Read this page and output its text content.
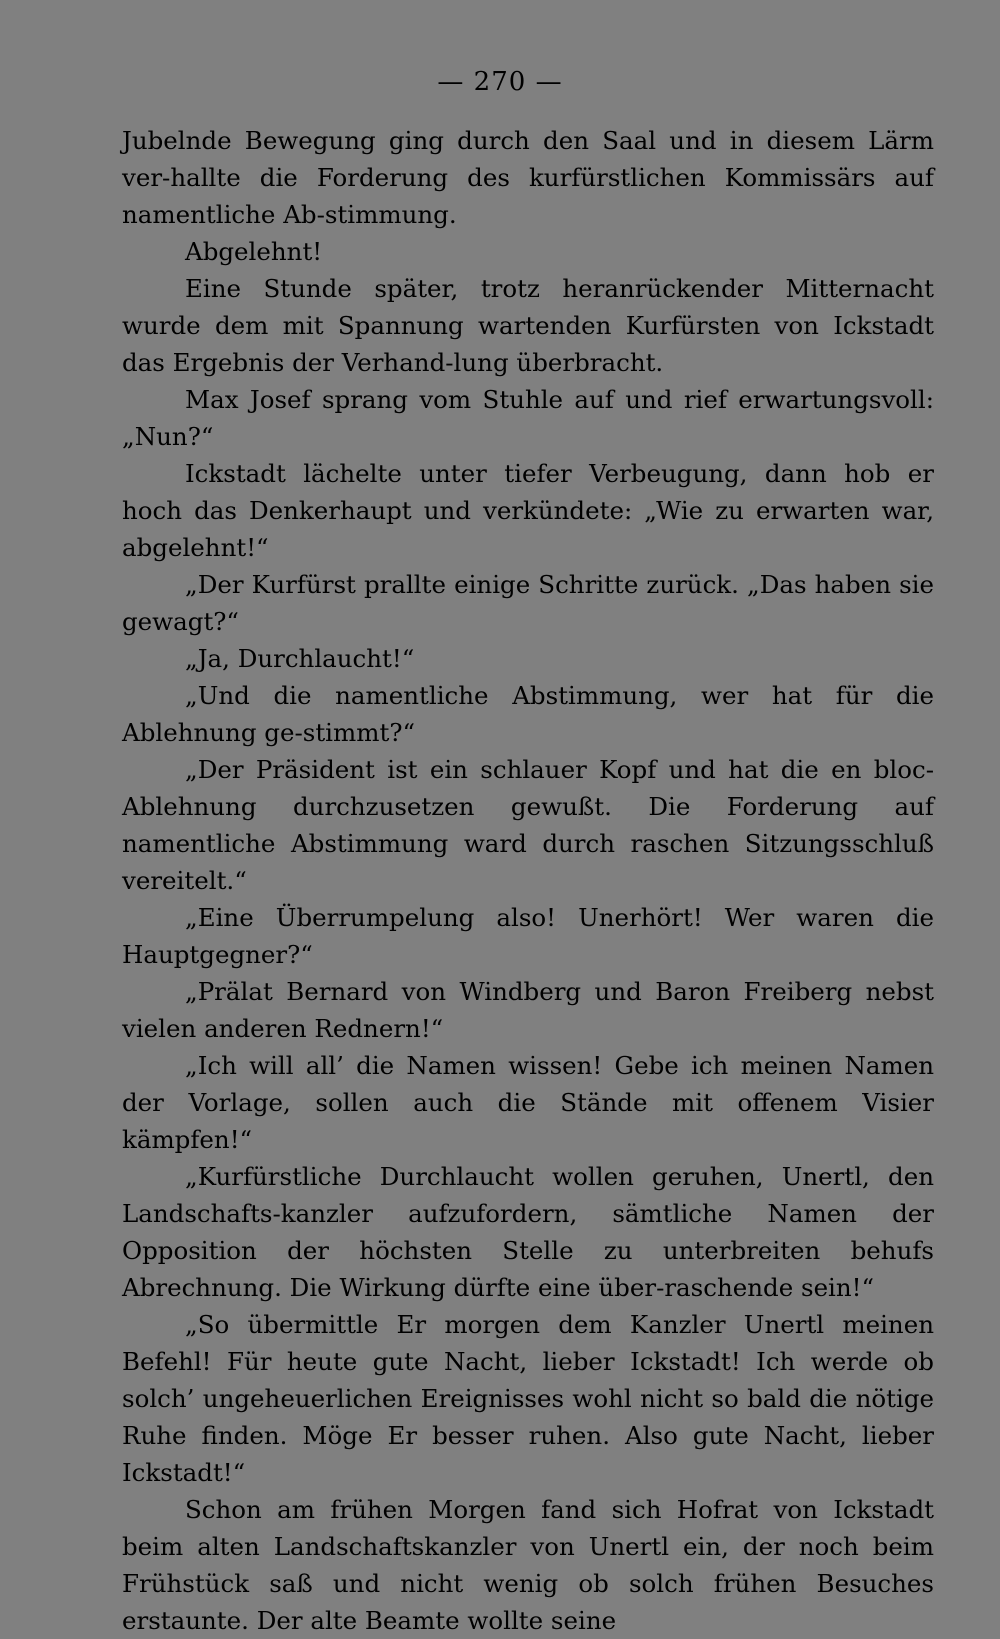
— 270 —

Jubelnde Bewegung ging durch den Saal und in diesem Lärm ver-hallte die Forderung des kurfürstlichen Kommissärs auf namentliche Ab-stimmung.

Abgelehnt!

Eine Stunde später, trotz heranrückender Mitternacht wurde dem mit Spannung wartenden Kurfürsten von Ickstadt das Ergebnis der Verhand-lung überbracht.

Max Josef sprang vom Stuhle auf und rief erwartungsvoll: „Nun?“

Ickstadt lächelte unter tiefer Verbeugung, dann hob er hoch das Denkerhaupt und verkündete: „Wie zu erwarten war, abgelehnt!“

„Der Kurfürst prallte einige Schritte zurück. „Das haben sie gewagt?“

„Ja, Durchlaucht!“

„Und die namentliche Abstimmung, wer hat für die Ablehnung ge-stimmt?“

„Der Präsident ist ein schlauer Kopf und hat die en bloc-Ablehnung durchzusetzen gewußt. Die Forderung auf namentliche Abstimmung ward durch raschen Sitzungsschluß vereitelt.“

„Eine Überrumpelung also! Unerhört! Wer waren die Hauptgegner?“

„Prälat Bernard von Windberg und Baron Freiberg nebst vielen anderen Rednern!“

„Ich will all’ die Namen wissen! Gebe ich meinen Namen der Vorlage, sollen auch die Stände mit offenem Visier kämpfen!“

„Kurfürstliche Durchlaucht wollen geruhen, Unertl, den Landschafts-kanzler aufzufordern, sämtliche Namen der Opposition der höchsten Stelle zu unterbreiten behufs Abrechnung. Die Wirkung dürfte eine über-raschende sein!“

„So übermittle Er morgen dem Kanzler Unertl meinen Befehl! Für heute gute Nacht, lieber Ickstadt! Ich werde ob solch’ ungeheuerlichen Ereignisses wohl nicht so bald die nötige Ruhe finden. Möge Er besser ruhen. Also gute Nacht, lieber Ickstadt!“

Schon am frühen Morgen fand sich Hofrat von Ickstadt beim alten Landschaftskanzler von Unertl ein, der noch beim Frühstück saß und nicht wenig ob solch frühen Besuches erstaunte. Der alte Beamte wollte seine
